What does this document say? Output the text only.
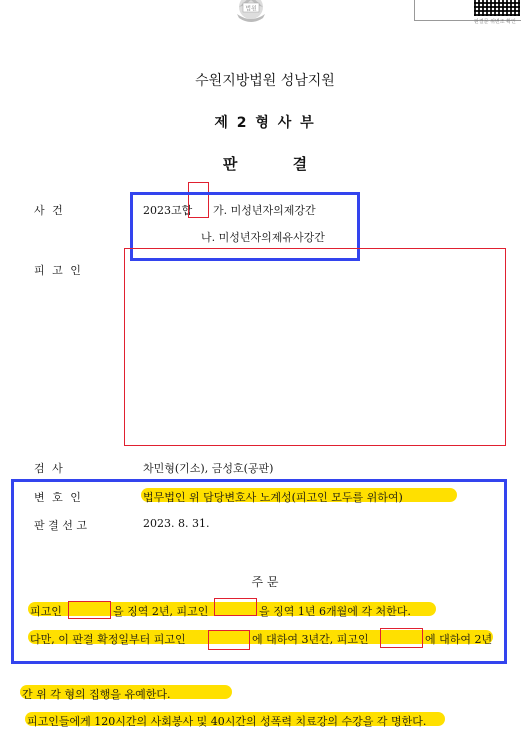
법원
판결문 위변조 확인
수원지방법원 성남지원
제 2 형 사 부
판 결
사 건	2023고합 가. 미성년자의제강간
나. 미성년자의제유사강간
피 고 인
검 사	차민형(기소), 금성호(공판)
변 호 인	법무법인 위 담당변호사 노계성(피고인 모두를 위하여)
판 결 선 고	2023. 8. 31.
주 문
피고인	을 징역 2년, 피고인	을 징역 1년 6개월에 각 처한다.
다만, 이 판결 확정일부터 피고인	에 대하여 3년간, 피고인	에 대하여 2년
간 위 각 형의 집행을 유예한다.
피고인들에게 120시간의 사회봉사 및 40시간의 성폭력 치료강의 수강을 각 명한다.
